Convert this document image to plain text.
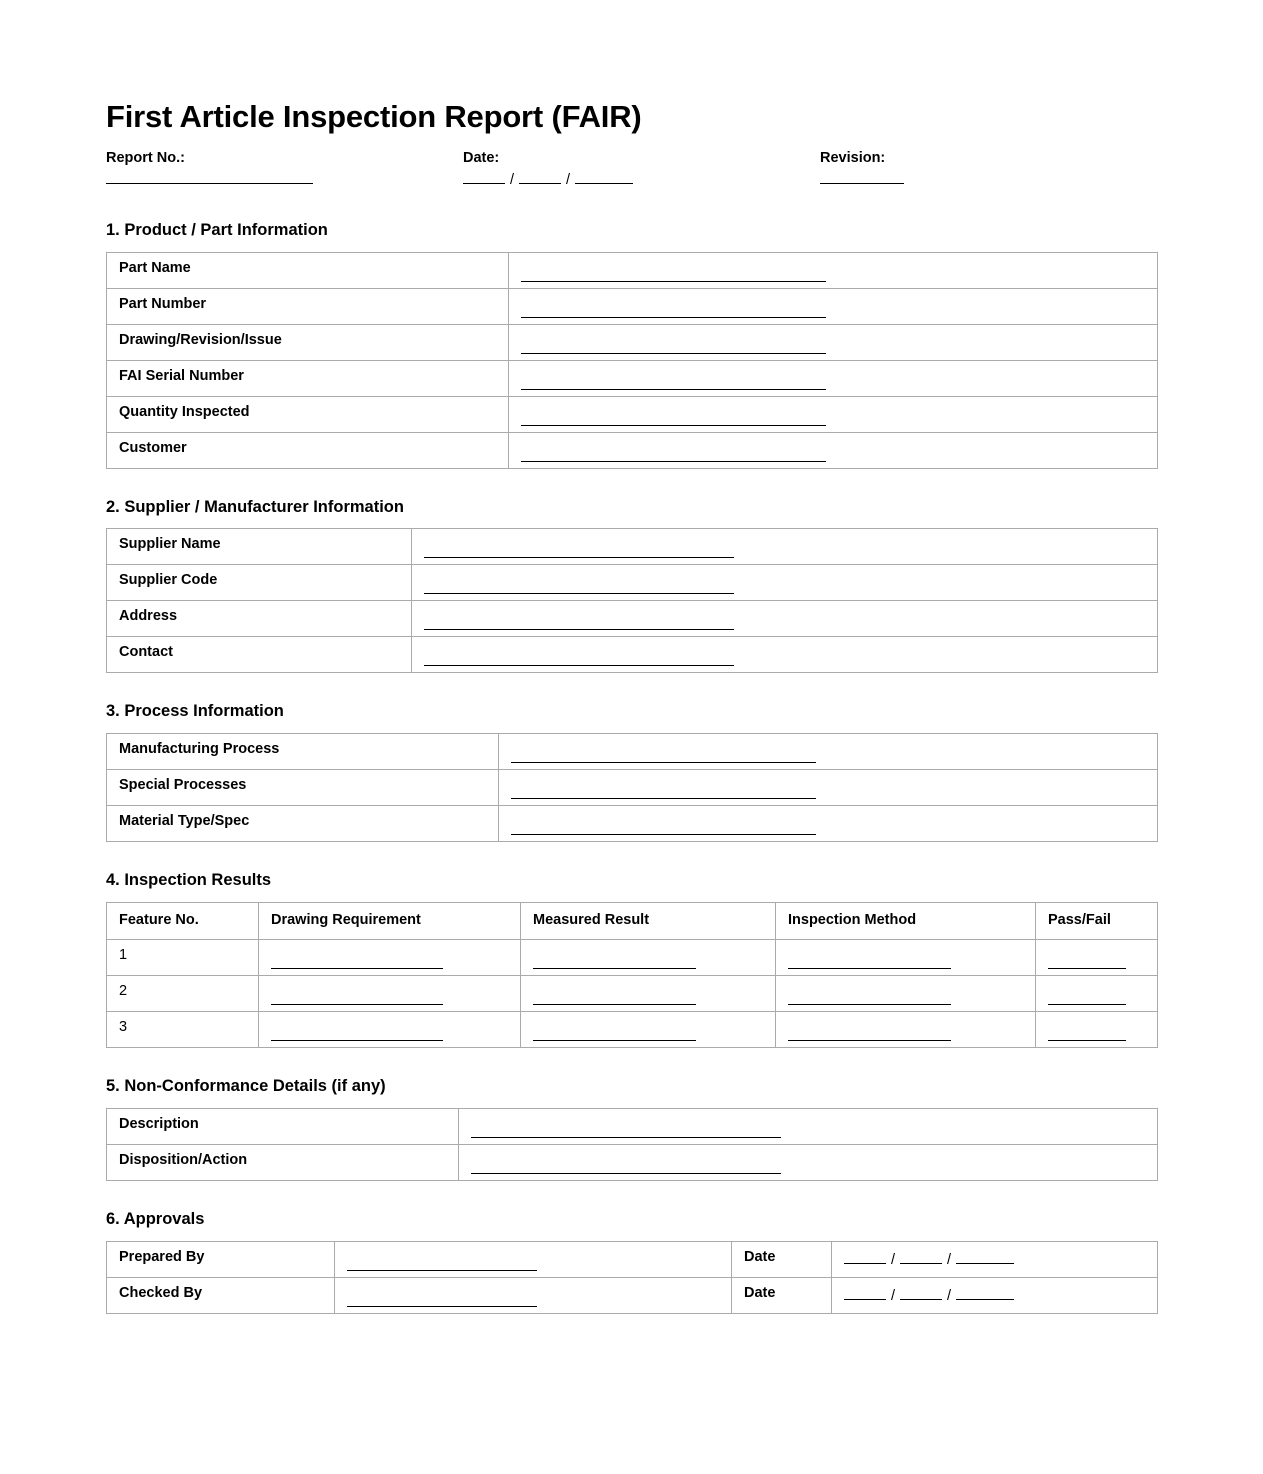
First Article Inspection Report (FAIR)
Report No.:	Date:
/	/
Revision:
1. Product / Part Information
Part Name	

Part Number	

Drawing/Revision/Issue	

FAI Serial Number	

Quantity Inspected	

Customer	

2. Supplier / Manufacturer Information
Supplier Name	

Supplier Code	

Address	

Contact	

3. Process Information
Manufacturing Process	

Special Processes	

Material Type/Spec	

4. Inspection Results
Feature No.	Drawing Requirement	Measured Result	Inspection Method	Pass/Fail

1				

2				

3				

5. Non-Conformance Details (if any)
Description	

Disposition/Action	

6. Approvals
Prepared By		Date	/ /

Checked By		Date	/ /
